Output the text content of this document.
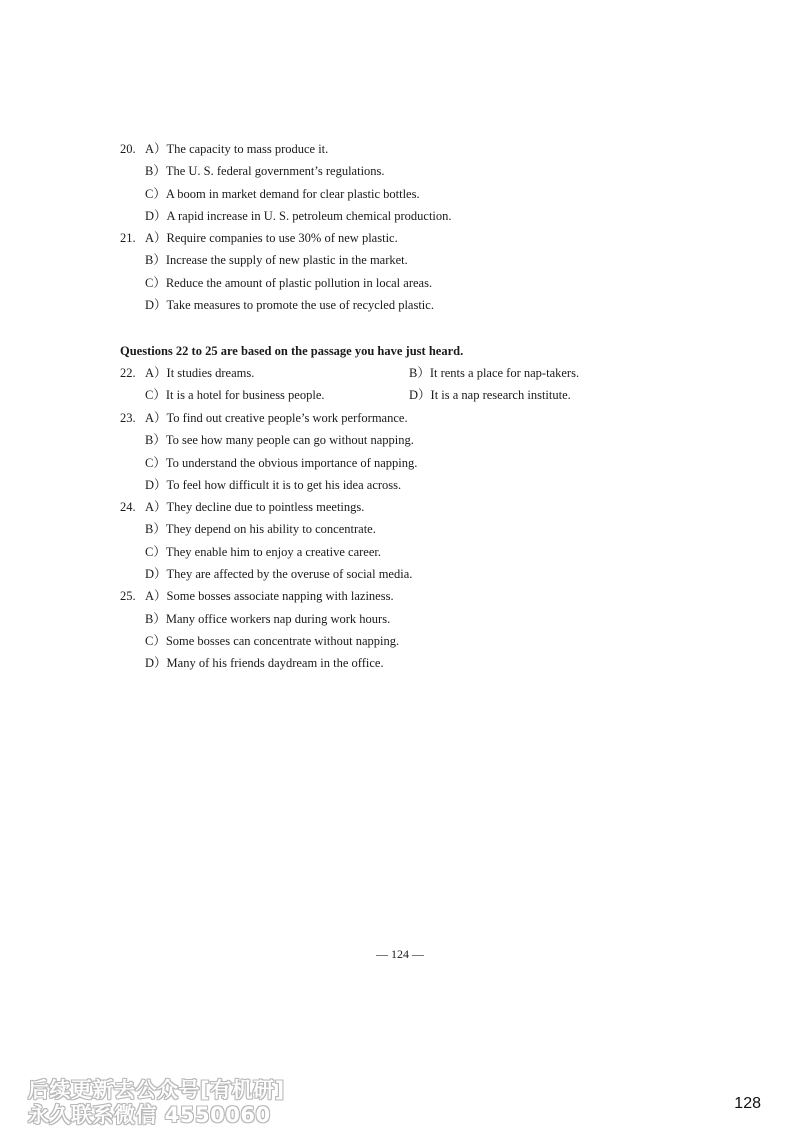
20. A）The capacity to mass produce it.
B）The U. S. federal government’s regulations.
C）A boom in market demand for clear plastic bottles.
D）A rapid increase in U. S. petroleum chemical production.
21. A）Require companies to use 30% of new plastic.
B）Increase the supply of new plastic in the market.
C）Reduce the amount of plastic pollution in local areas.
D）Take measures to promote the use of recycled plastic.
Questions 22 to 25 are based on the passage you have just heard.
22. A）It studies dreams.	B）It rents a place for nap-takers.
C）It is a hotel for business people.	D）It is a nap research institute.
23. A）To find out creative people’s work performance.
B）To see how many people can go without napping.
C）To understand the obvious importance of napping.
D）To feel how difficult it is to get his idea across.
24. A）They decline due to pointless meetings.
B）They depend on his ability to concentrate.
C）They enable him to enjoy a creative career.
D）They are affected by the overuse of social media.
25. A）Some bosses associate napping with laziness.
B）Many office workers nap during work hours.
C）Some bosses can concentrate without napping.
D）Many of his friends daydream in the office.
— 124 —
128
后续更新去公众号[有机研]
永久联系微信 4550060
